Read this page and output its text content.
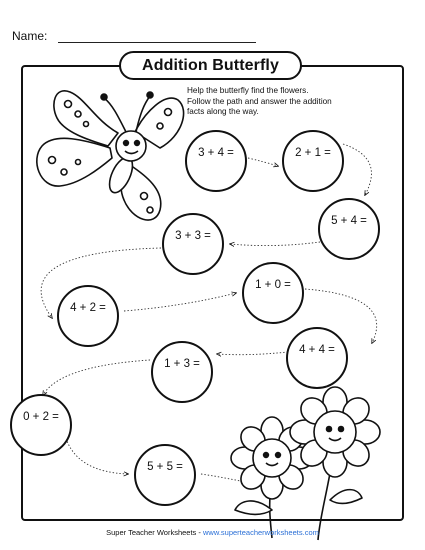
Name:
Addition Butterfly
Help the butterfly find the flowers.
Follow the path and answer the addition
facts along the way.
3 + 4 =	2 + 1 =
5 + 4 =
3 + 3 =
1 + 0 =
4 + 2 =
4 + 4 =
1 + 3 =
0 + 2 =
5 + 5 =
Super Teacher Worksheets - www.superteacherworksheets.com
